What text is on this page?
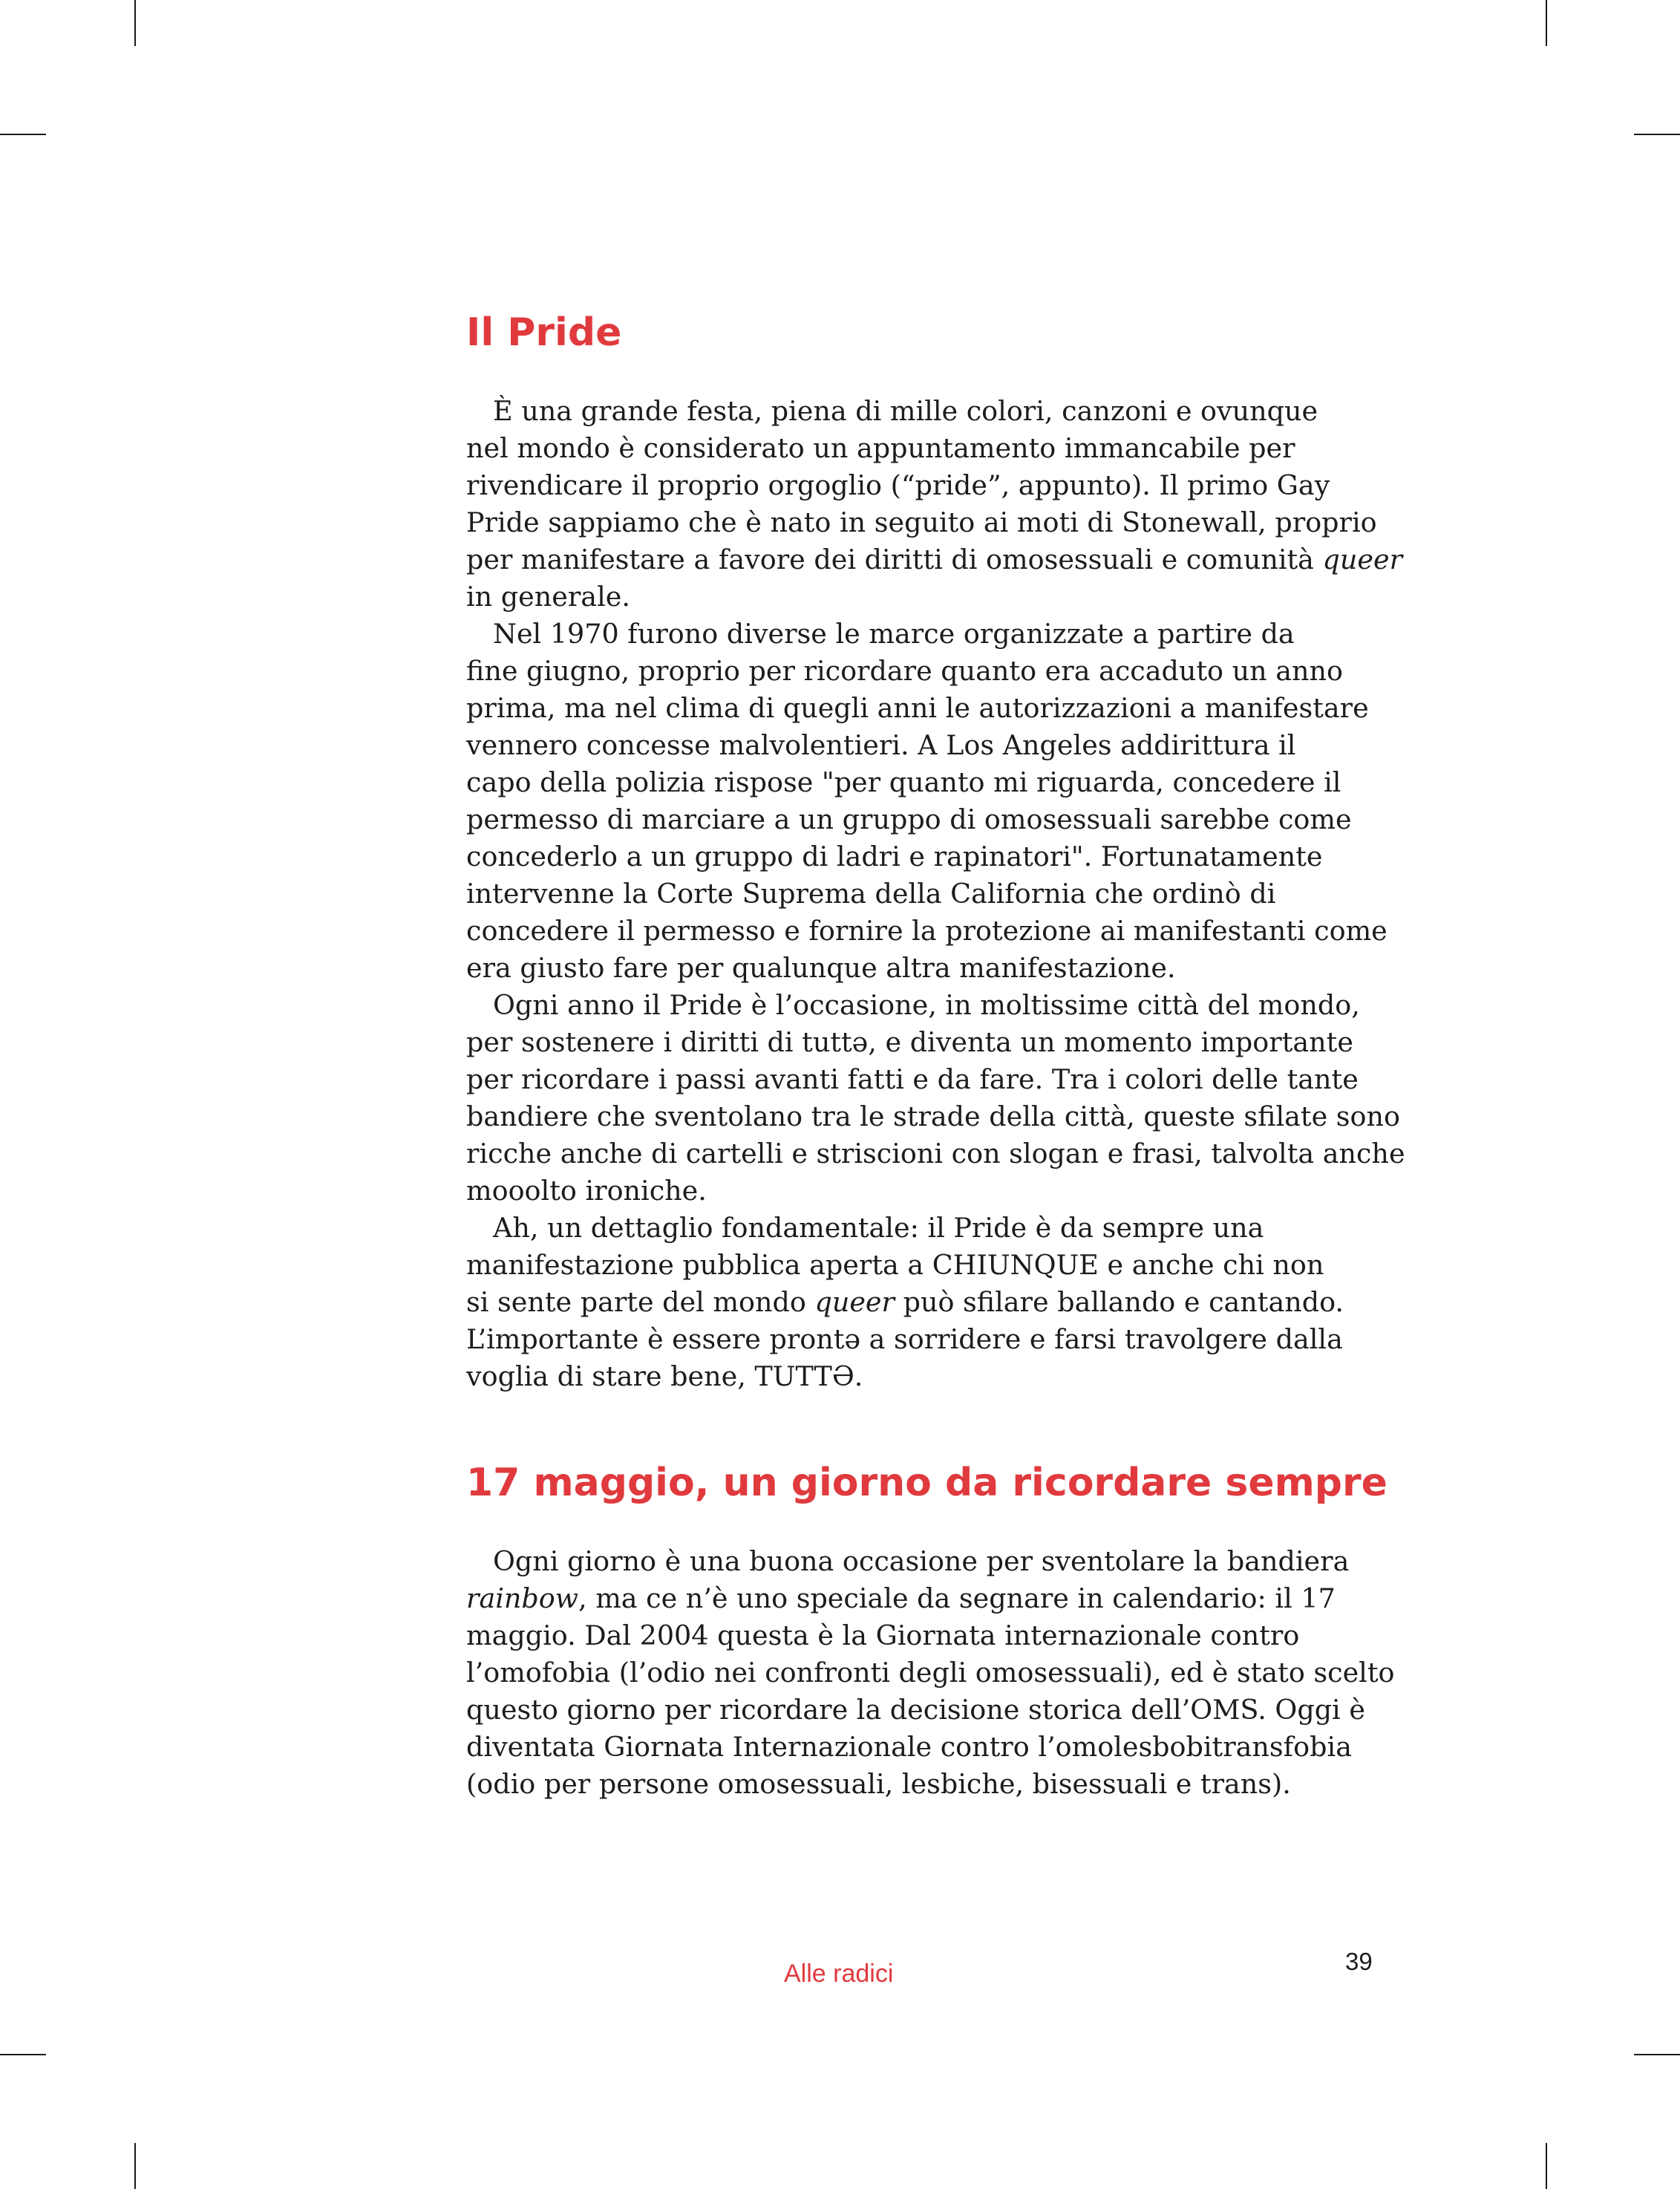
Il Pride

È una grande festa, piena di mille colori, canzoni e ovunque
nel mondo è considerato un appuntamento immancabile per
rivendicare il proprio orgoglio (“pride”, appunto). Il primo Gay
Pride sappiamo che è nato in seguito ai moti di Stonewall, proprio
per manifestare a favore dei diritti di omosessuali e comunità queer
in generale.
Nel 1970 furono diverse le marce organizzate a partire da
fine giugno, proprio per ricordare quanto era accaduto un anno
prima, ma nel clima di quegli anni le autorizzazioni a manifestare
vennero concesse malvolentieri. A Los Angeles addirittura il
capo della polizia rispose "per quanto mi riguarda, concedere il
permesso di marciare a un gruppo di omosessuali sarebbe come
concederlo a un gruppo di ladri e rapinatori". Fortunatamente
intervenne la Corte Suprema della California che ordinò di
concedere il permesso e fornire la protezione ai manifestanti come
era giusto fare per qualunque altra manifestazione.
Ogni anno il Pride è l’occasione, in moltissime città del mondo,
per sostenere i diritti di tuttə, e diventa un momento importante
per ricordare i passi avanti fatti e da fare. Tra i colori delle tante
bandiere che sventolano tra le strade della città, queste sfilate sono
ricche anche di cartelli e striscioni con slogan e frasi, talvolta anche
mooolto ironiche.
Ah, un dettaglio fondamentale: il Pride è da sempre una
manifestazione pubblica aperta a CHIUNQUE e anche chi non
si sente parte del mondo queer può sfilare ballando e cantando.
L’importante è essere prontə a sorridere e farsi travolgere dalla
voglia di stare bene, TUTTƏ.

17 maggio, un giorno da ricordare sempre

Ogni giorno è una buona occasione per sventolare la bandiera
rainbow, ma ce n’è uno speciale da segnare in calendario: il 17
maggio. Dal 2004 questa è la Giornata internazionale contro
l’omofobia (l’odio nei confronti degli omosessuali), ed è stato scelto
questo giorno per ricordare la decisione storica dell’OMS. Oggi è
diventata Giornata Internazionale contro l’omolesbobitransfobia
(odio per persone omosessuali, lesbiche, bisessuali e trans).

Alle radici	39
